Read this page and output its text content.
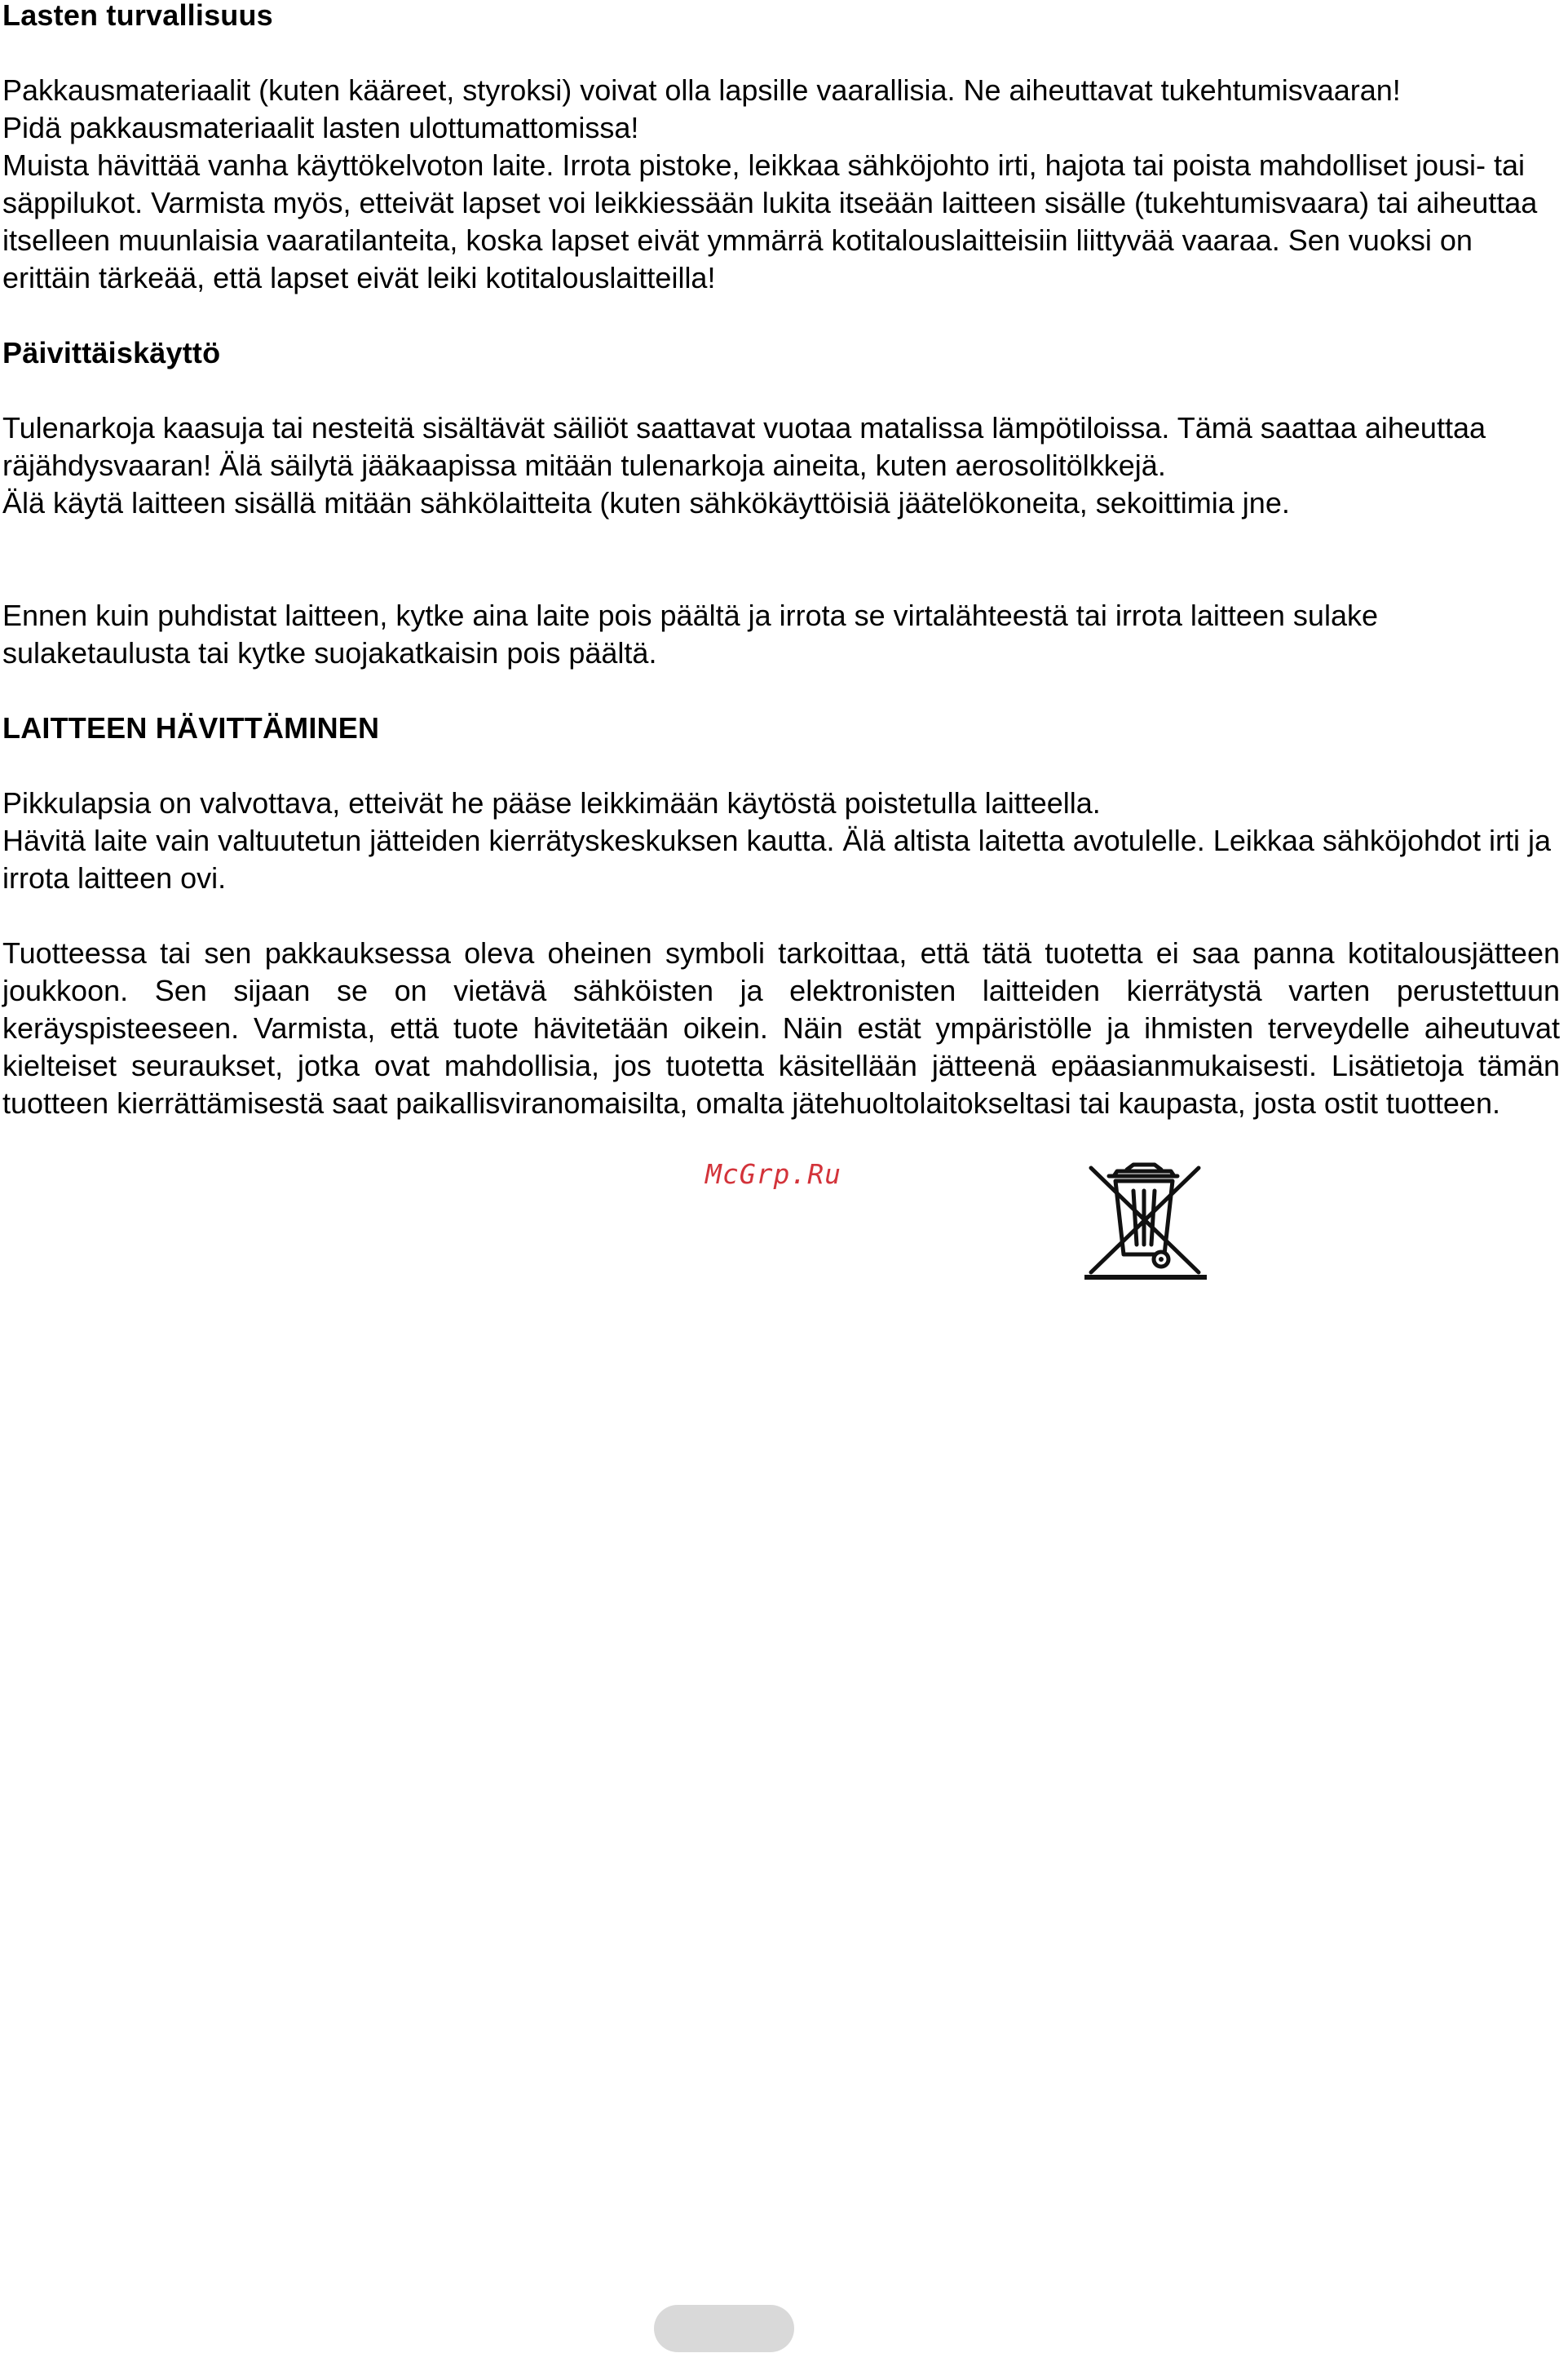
Lasten turvallisuus

Pakkausmateriaalit (kuten kääreet, styroksi) voivat olla lapsille vaarallisia. Ne aiheuttavat tukehtumisvaaran!

Pidä pakkausmateriaalit lasten ulottumattomissa!

Muista hävittää vanha käyttökelvoton laite. Irrota pistoke, leikkaa sähköjohto irti, hajota tai poista mahdolliset jousi- tai säppilukot. Varmista myös, etteivät lapset voi leikkiessään lukita itseään laitteen sisälle (tukehtumisvaara) tai aiheuttaa itselleen muunlaisia vaaratilanteita, koska lapset eivät ymmärrä kotitalouslaitteisiin liittyvää vaaraa. Sen vuoksi on erittäin tärkeää, että lapset eivät leiki kotitalouslaitteilla!

Päivittäiskäyttö

Tulenarkoja kaasuja tai nesteitä sisältävät säiliöt saattavat vuotaa matalissa lämpötiloissa. Tämä saattaa aiheuttaa räjähdysvaaran! Älä säilytä jääkaapissa mitään tulenarkoja aineita, kuten aerosolitölkkejä.

Älä käytä laitteen sisällä mitään sähkölaitteita (kuten sähkökäyttöisiä jäätelökoneita, sekoittimia jne.

Ennen kuin puhdistat laitteen, kytke aina laite pois päältä ja irrota se virtalähteestä tai irrota laitteen sulake sulaketaulusta tai kytke suojakatkaisin pois päältä.

LAITTEEN HÄVITTÄMINEN

Pikkulapsia on valvottava, etteivät he pääse leikkimään käytöstä poistetulla laitteella.

Hävitä laite vain valtuutetun jätteiden kierrätyskeskuksen kautta. Älä altista laitetta avotulelle. Leikkaa sähköjohdot irti ja irrota laitteen ovi.

Tuotteessa tai sen pakkauksessa oleva oheinen symboli tarkoittaa, että tätä tuotetta ei saa panna kotitalousjätteen joukkoon. Sen sijaan se on vietävä sähköisten ja elektronisten laitteiden kierrätystä varten perustettuun keräyspisteeseen. Varmista, että tuote hävitetään oikein. Näin estät ympäristölle ja ihmisten terveydelle aiheutuvat kielteiset seuraukset, jotka ovat mahdollisia, jos tuotetta käsitellään jätteenä epäasianmukaisesti. Lisätietoja tämän tuotteen kierrättämisestä saat paikallisviranomaisilta, omalta jätehuoltolaitokseltasi tai kaupasta, josta ostit tuotteen.

McGrp.Ru
